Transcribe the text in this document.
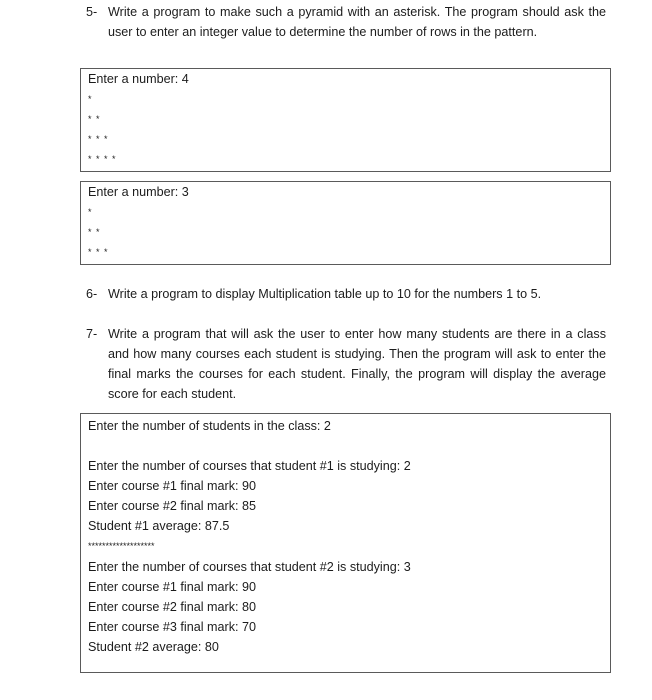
5- Write a program to make such a pyramid with an asterisk. The program should ask the user to enter an integer value to determine the number of rows in the pattern.
Enter a number: 4
*
* *
* * *
* * * *
Enter a number: 3
*
* *
* * *
6- Write a program to display Multiplication table up to 10 for the numbers 1 to 5.
7- Write a program that will ask the user to enter how many students are there in a class and how many courses each student is studying. Then the program will ask to enter the final marks the courses for each student. Finally, the program will display the average score for each student.
Enter the number of students in the class: 2
Enter the number of courses that student #1 is studying: 2
Enter course #1 final mark: 90
Enter course #2 final mark: 85
Student #1 average: 87.5
*******************
Enter the number of courses that student #2 is studying: 3
Enter course #1 final mark: 90
Enter course #2 final mark: 80
Enter course #3 final mark: 70
Student #2 average: 80
